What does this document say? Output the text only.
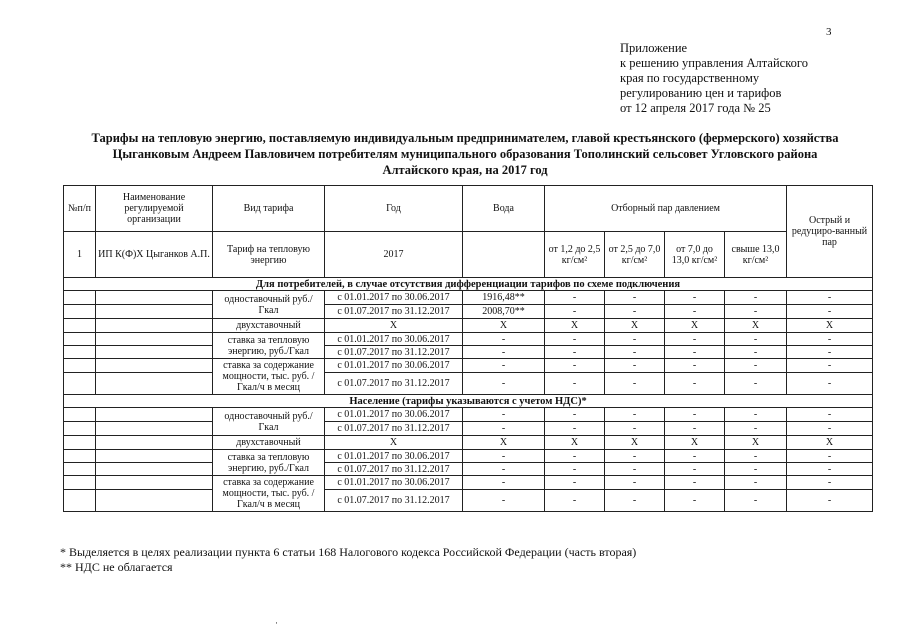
3
Приложение
к решению управления Алтайского
края по государственному
регулированию цен и тарифов
от 12 апреля 2017 года № 25
Тарифы на тепловую энергию, поставляемую индивидуальным предпринимателем, главой крестьянского (фермерского) хозяйства
Цыганковым Андреем Павловичем потребителям муниципального образования Тополинский сельсовет Угловского района
Алтайского края, на 2017 год
№п/п	Наименование регулируемой организации	Вид тарифа	Год	Вода	Отборный пар давлением				Острый и редуциро-ванный пар
1	ИП К(Ф)Х Цыганков А.П.	Тариф на тепловую энергию	2017		от 1,2 до 2,5 кг/см²	от 2,5 до 7,0 кг/см²	от 7,0 до 13,0 кг/см²	свыше 13,0 кг/см²	
Для потребителей, в случае отсутствия дифференциации тарифов по схеме подключения									
		одноставочный руб./Гкал	с 01.01.2017 по 30.06.2017	1916,48**	-	-	-	-	-
			с 01.07.2017 по 31.12.2017	2008,70**	-	-	-	-	-
		двухставочный	X	X	X	X	X	X	X
		ставка за тепловую энергию, руб./Гкал	с 01.01.2017 по 30.06.2017	-	-	-	-	-	-
			с 01.07.2017 по 31.12.2017	-	-	-	-	-	-
		ставка за содержание мощности, тыс. руб. /Гкал/ч в месяц	с 01.01.2017 по 30.06.2017	-	-	-	-	-	-
			с 01.07.2017 по 31.12.2017	-	-	-	-	-	-
Население (тарифы указываются с учетом НДС)*									
		одноставочный руб./Гкал	с 01.01.2017 по 30.06.2017	-	-	-	-	-	-
			с 01.07.2017 по 31.12.2017	-	-	-	-	-	-
		двухставочный	X	X	X	X	X	X	X
		ставка за тепловую энергию, руб./Гкал	с 01.01.2017 по 30.06.2017	-	-	-	-	-	-
			с 01.07.2017 по 31.12.2017	-	-	-	-	-	-
		ставка за содержание мощности, тыс. руб. /Гкал/ч в месяц	с 01.01.2017 по 30.06.2017	-	-	-	-	-	-
			с 01.07.2017 по 31.12.2017	-	-	-	-	-	-
* Выделяется в целях реализации пункта 6 статьи 168 Налогового кодекса Российской Федерации (часть вторая)
** НДС не облагается
·
